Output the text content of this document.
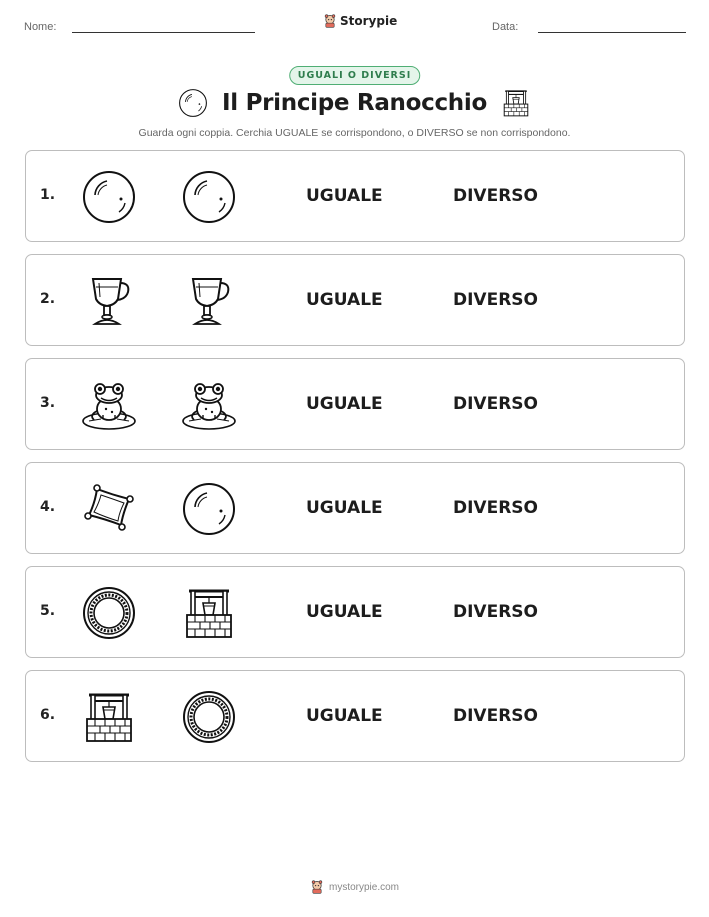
Nome:	Storypie	Data:
UGUALI O DIVERSI
Il Principe Ranocchio
Guarda ogni coppia. Cerchia UGUALE se corrispondono, o DIVERSO se non corrispondono.
1.	UGUALE	DIVERSO
2.	UGUALE	DIVERSO
3.	UGUALE	DIVERSO
4.	UGUALE	DIVERSO
5.	UGUALE	DIVERSO
6.	UGUALE	DIVERSO
mystorypie.com
